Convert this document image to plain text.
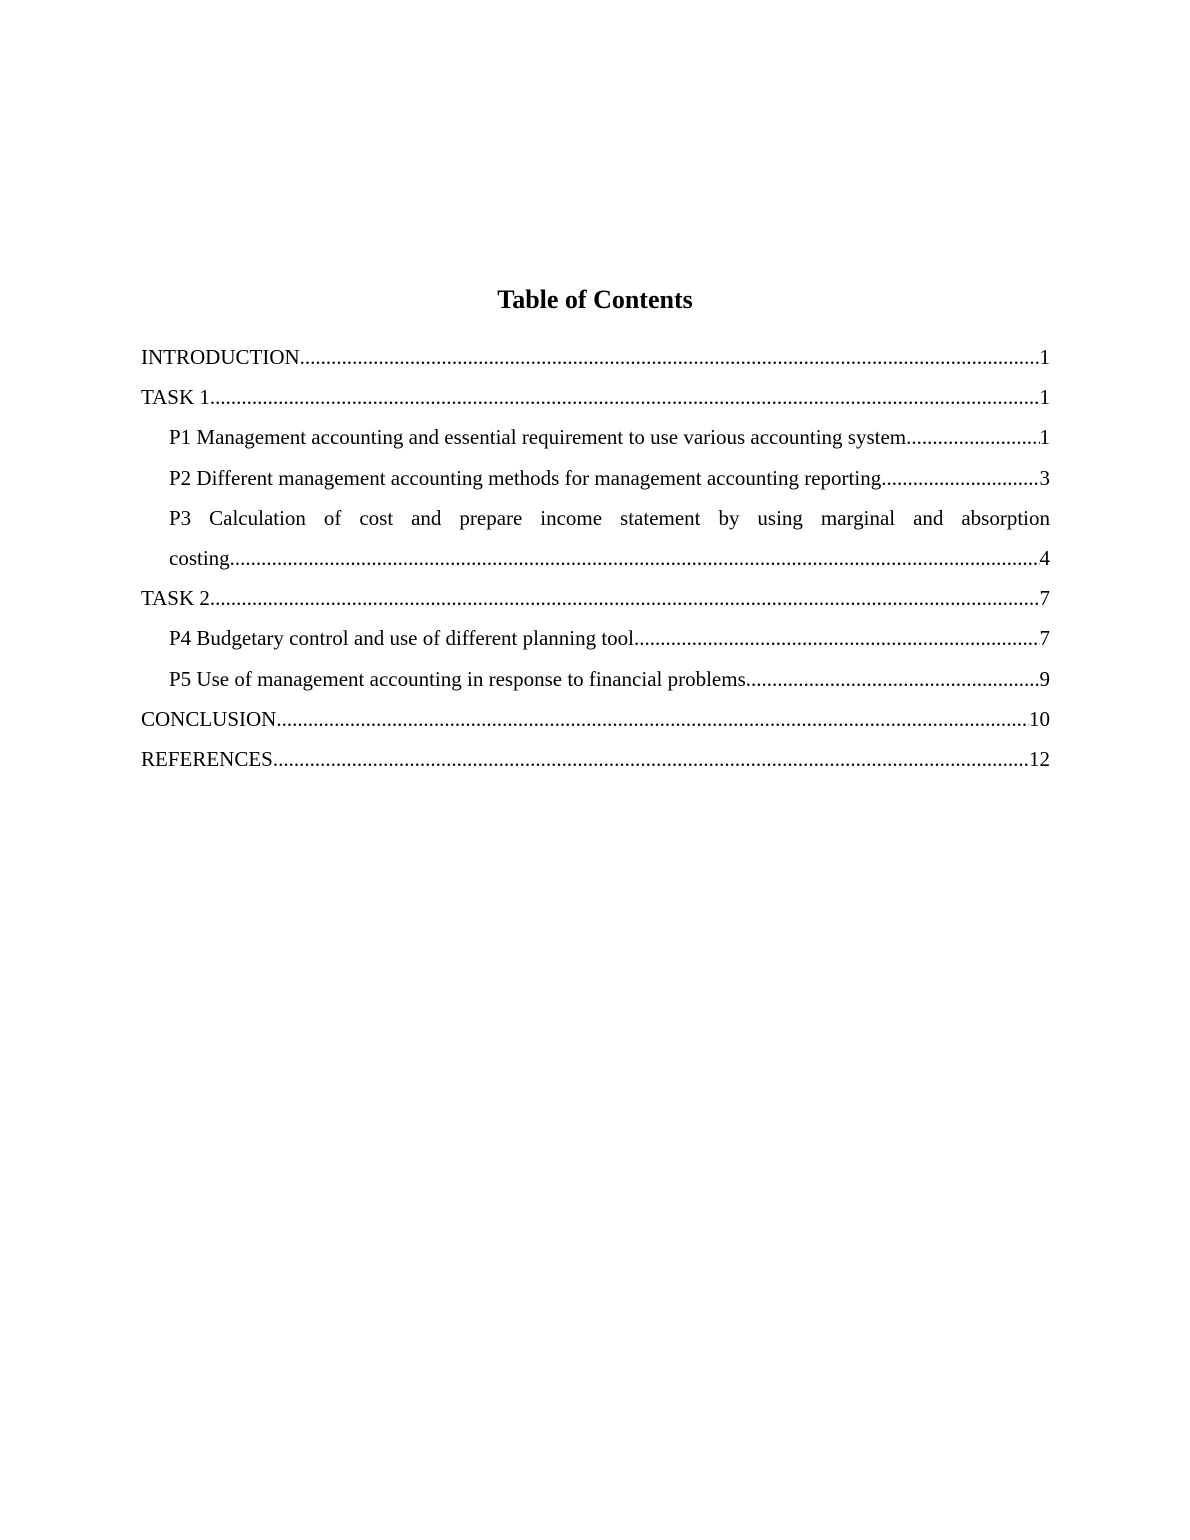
Table of Contents
INTRODUCTION .....	1
TASK 1 .....	1
P1 Management accounting and essential requirement to use various accounting system. .....	1
P2 Different management accounting methods for management accounting reporting .....	3
P3 Calculation of cost and prepare income statement by using marginal and absorption
costing .....	4
TASK 2 .....	7
P4 Budgetary control and use of different planning tool .....	7
P5 Use of management accounting in response to financial problems .....	9
CONCLUSION .....	10
REFERENCES .....	12
